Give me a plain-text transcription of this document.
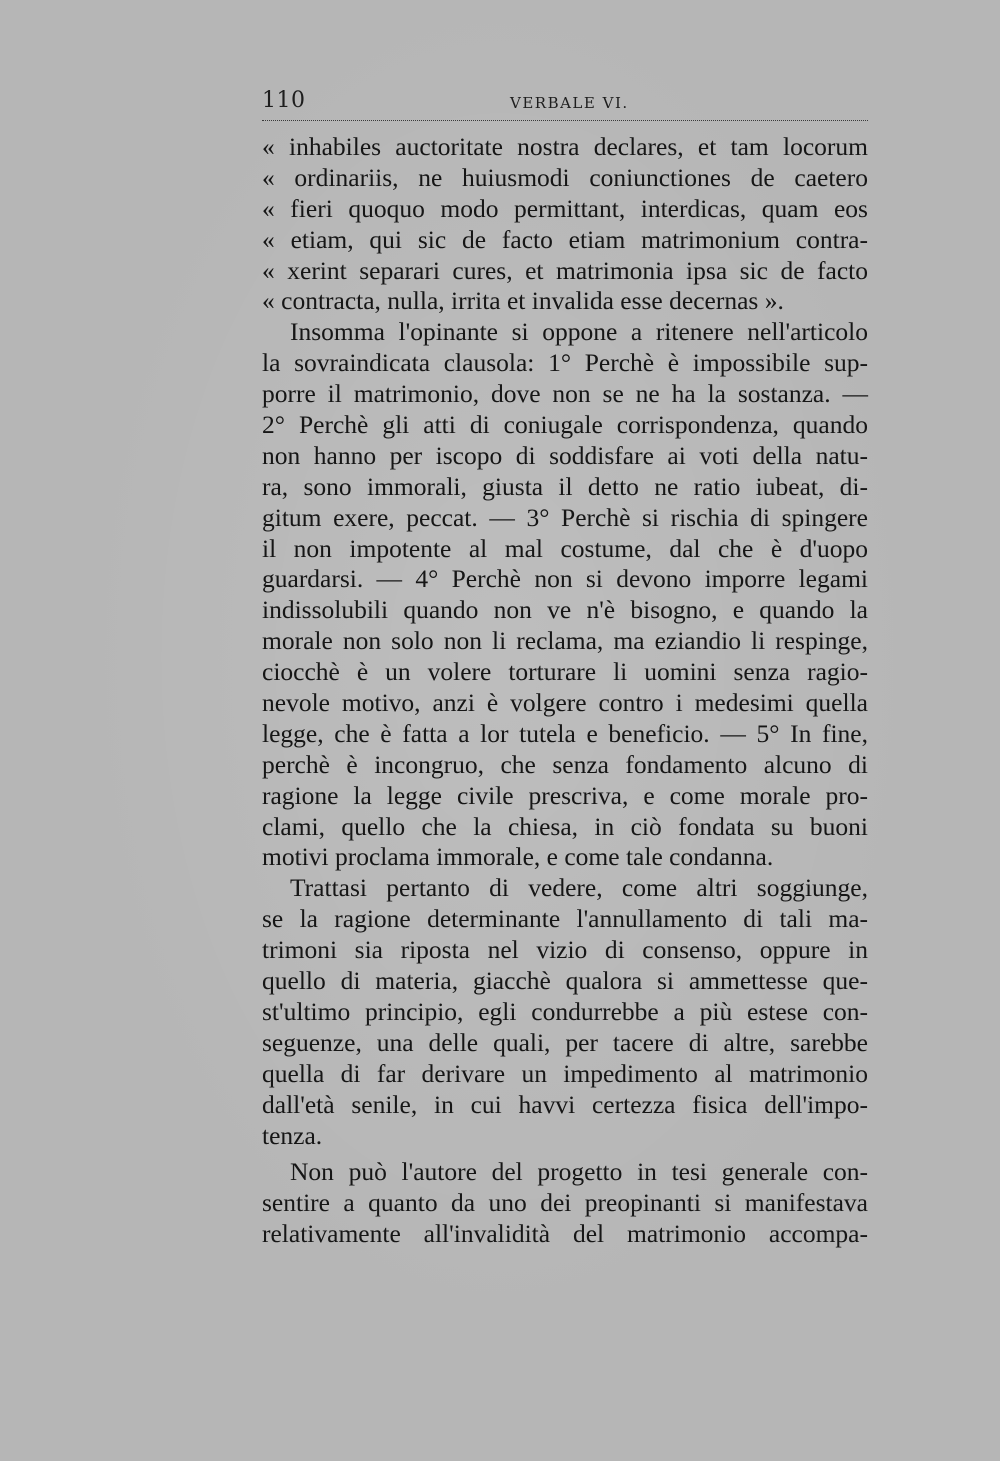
110	VERBALE VI.
« inhabiles auctoritate nostra declares, et tam locorum
« ordinariis, ne huiusmodi coniunctiones de caetero
« fieri quoquo modo permittant, interdicas, quam eos
« etiam, qui sic de facto etiam matrimonium contra-
« xerint separari cures, et matrimonia ipsa sic de facto
« contracta, nulla, irrita et invalida esse decernas ».
Insomma l'opinante si oppone a ritenere nell'articolo
la sovraindicata clausola: 1° Perchè è impossibile sup-
porre il matrimonio, dove non se ne ha la sostanza. —
2° Perchè gli atti di coniugale corrispondenza, quando
non hanno per iscopo di soddisfare ai voti della natu-
ra, sono immorali, giusta il detto ne ratio iubeat, di-
gitum exere, peccat. — 3° Perchè si rischia di spingere
il non impotente al mal costume, dal che è d'uopo
guardarsi. — 4° Perchè non si devono imporre legami
indissolubili quando non ve n'è bisogno, e quando la
morale non solo non li reclama, ma eziandio li respinge,
ciocchè è un volere torturare li uomini senza ragio-
nevole motivo, anzi è volgere contro i medesimi quella
legge, che è fatta a lor tutela e beneficio. — 5° In fine,
perchè è incongruo, che senza fondamento alcuno di
ragione la legge civile prescriva, e come morale pro-
clami, quello che la chiesa, in ciò fondata su buoni
motivi proclama immorale, e come tale condanna.
Trattasi pertanto di vedere, come altri soggiunge,
se la ragione determinante l'annullamento di tali ma-
trimoni sia riposta nel vizio di consenso, oppure in
quello di materia, giacchè qualora si ammettesse que-
st'ultimo principio, egli condurrebbe a più estese con-
seguenze, una delle quali, per tacere di altre, sarebbe
quella di far derivare un impedimento al matrimonio
dall'età senile, in cui havvi certezza fisica dell'impo-
tenza.
Non può l'autore del progetto in tesi generale con-
sentire a quanto da uno dei preopinanti si manifestava
relativamente all'invalidità del matrimonio accompa-
